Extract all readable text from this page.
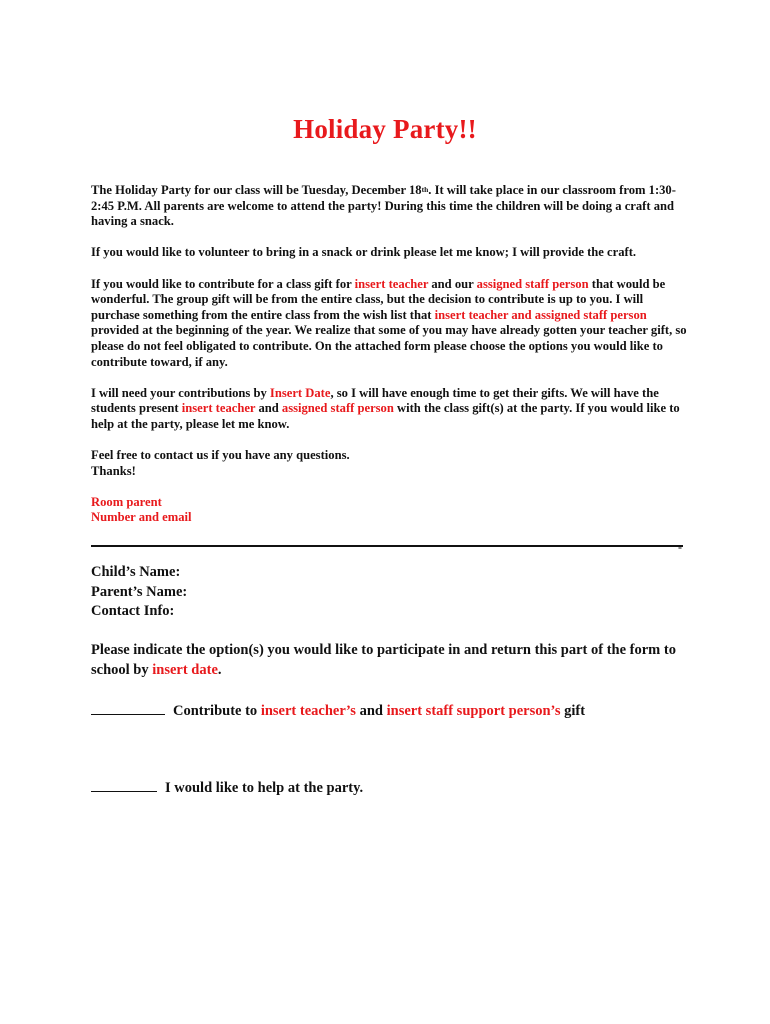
Holiday Party!!

The Holiday Party for our class will be Tuesday, December 18th. It will take place in our classroom from 1:30-2:45 P.M. All parents are welcome to attend the party! During this time the children will be doing a craft and having a snack.

If you would like to volunteer to bring in a snack or drink please let me know; I will provide the craft.

If you would like to contribute for a class gift for insert teacher and our assigned staff person that would be wonderful. The group gift will be from the entire class, but the decision to contribute is up to you. I will purchase something from the entire class from the wish list that insert teacher and assigned staff person provided at the beginning of the year. We realize that some of you may have already gotten your teacher gift, so please do not feel obligated to contribute. On the attached form please choose the options you would like to contribute toward, if any.

I will need your contributions by Insert Date, so I will have enough time to get their gifts. We will have the students present insert teacher and assigned staff person with the class gift(s) at the party. If you would like to help at the party, please let me know.

Feel free to contact us if you have any questions.
Thanks!

Room parent
Number and email

-
Child’s Name:
Parent’s Name:
Contact Info:
Please indicate the option(s) you would like to participate in and return this part of the form to school by insert date.
Contribute to insert teacher’s and insert staff support person’s gift
I would like to help at the party.
